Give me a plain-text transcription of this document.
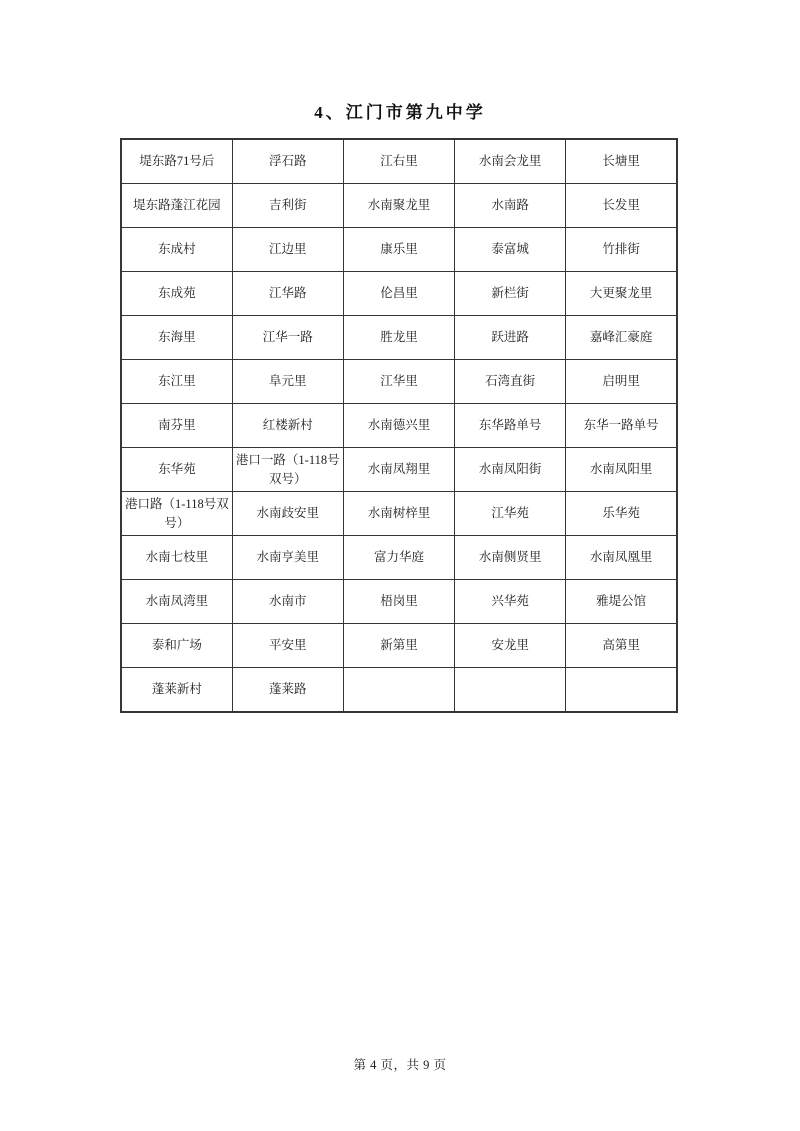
4、江门市第九中学
堤东路71号后	浮石路	江右里	水南会龙里	长塘里
堤东路蓬江花园	吉利街	水南聚龙里	水南路	长发里
东成村	江边里	康乐里	泰富城	竹排街
东成苑	江华路	伦昌里	新栏街	大更聚龙里
东海里	江华一路	胜龙里	跃进路	嘉峰汇豪庭
东江里	阜元里	江华里	石湾直街	启明里
南芬里	红楼新村	水南德兴里	东华路单号	东华一路单号
东华苑	港口一路（1-118号双号）	水南凤翔里	水南凤阳街	水南凤阳里
港口路（1-118号双号）	水南歧安里	水南树梓里	江华苑	乐华苑
水南七枝里	水南亨美里	富力华庭	水南侧贤里	水南凤凰里
水南凤湾里	水南市	梧岗里	兴华苑	雅堤公馆
泰和广场	平安里	新第里	安龙里	高第里
蓬莱新村	蓬莱路			
第 4 页，共 9 页
